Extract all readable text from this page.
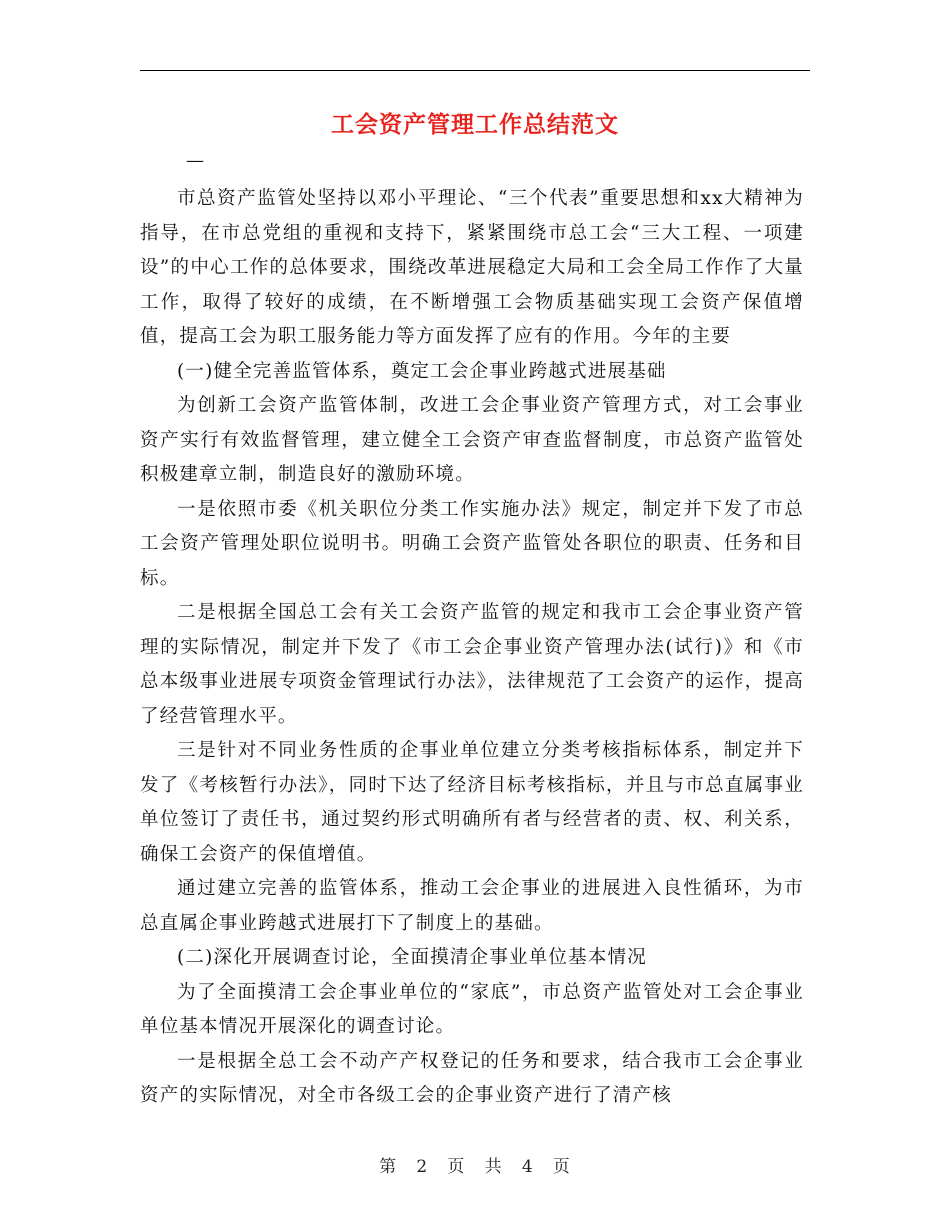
工会资产管理工作总结范文
—

市总资产监管处坚持以邓小平理论、“三个代表”重要思想和xx大精神为指导，在市总党组的重视和支持下，紧紧围绕市总工会“三大工程、一项建设”的中心工作的总体要求，围绕改革进展稳定大局和工会全局工作作了大量工作，取得了较好的成绩，在不断增强工会物质基础实现工会资产保值增值，提高工会为职工服务能力等方面发挥了应有的作用。今年的主要

(一)健全完善监管体系，奠定工会企事业跨越式进展基础

为创新工会资产监管体制，改进工会企事业资产管理方式，对工会事业资产实行有效监督管理，建立健全工会资产审查监督制度，市总资产监管处积极建章立制，制造良好的激励环境。

一是依照市委《机关职位分类工作实施办法》规定，制定并下发了市总工会资产管理处职位说明书。明确工会资产监管处各职位的职责、任务和目标。

二是根据全国总工会有关工会资产监管的规定和我市工会企事业资产管理的实际情况，制定并下发了《市工会企事业资产管理办法(试行)》和《市总本级事业进展专项资金管理试行办法》，法律规范了工会资产的运作，提高了经营管理水平。

三是针对不同业务性质的企事业单位建立分类考核指标体系，制定并下发了《考核暂行办法》，同时下达了经济目标考核指标，并且与市总直属事业单位签订了责任书，通过契约形式明确所有者与经营者的责、权、利关系，确保工会资产的保值增值。

通过建立完善的监管体系，推动工会企事业的进展进入良性循环，为市总直属企事业跨越式进展打下了制度上的基础。

(二)深化开展调查讨论，全面摸清企事业单位基本情况

为了全面摸清工会企事业单位的“家底”，市总资产监管处对工会企事业单位基本情况开展深化的调查讨论。

一是根据全总工会不动产产权登记的任务和要求，结合我市工会企事业资产的实际情况，对全市各级工会的企事业资产进行了清产核

第 2 页 共 4 页
